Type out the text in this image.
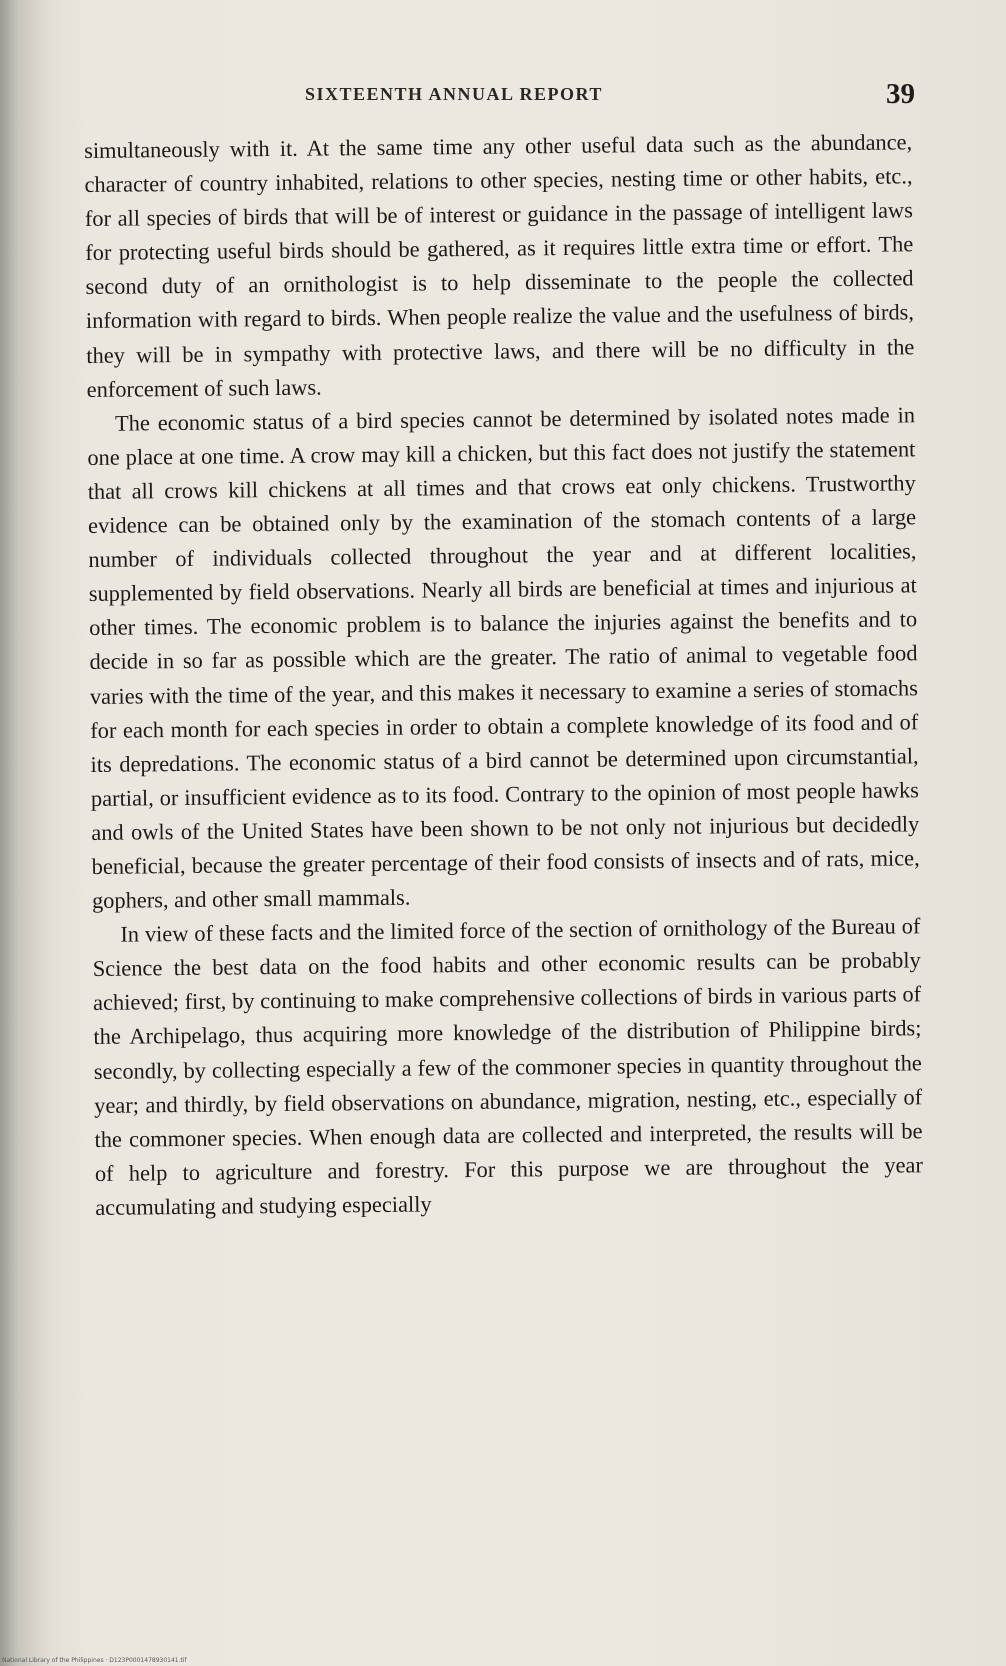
SIXTEENTH ANNUAL REPORT	39

simultaneously with it. At the same time any other useful data such as the abundance, character of country inhabited, relations to other species, nesting time or other habits, etc., for all species of birds that will be of interest or guidance in the passage of intelligent laws for protecting useful birds should be gathered, as it requires little extra time or effort. The second duty of an ornithologist is to help disseminate to the people the collected information with regard to birds. When people realize the value and the usefulness of birds, they will be in sympathy with protective laws, and there will be no difficulty in the enforcement of such laws.

The economic status of a bird species cannot be determined by isolated notes made in one place at one time. A crow may kill a chicken, but this fact does not justify the statement that all crows kill chickens at all times and that crows eat only chickens. Trustworthy evidence can be obtained only by the examination of the stomach contents of a large number of individuals collected throughout the year and at different localities, supplemented by field observations. Nearly all birds are beneficial at times and injurious at other times. The economic problem is to balance the injuries against the benefits and to decide in so far as possible which are the greater. The ratio of animal to vegetable food varies with the time of the year, and this makes it necessary to examine a series of stomachs for each month for each species in order to obtain a complete knowledge of its food and of its depredations. The economic status of a bird cannot be determined upon circumstantial, partial, or insufficient evidence as to its food. Contrary to the opinion of most people hawks and owls of the United States have been shown to be not only not injurious but decidedly beneficial, because the greater percentage of their food consists of insects and of rats, mice, gophers, and other small mammals.

In view of these facts and the limited force of the section of ornithology of the Bureau of Science the best data on the food habits and other economic results can be probably achieved; first, by continuing to make comprehensive collections of birds in various parts of the Archipelago, thus acquiring more knowledge of the distribution of Philippine birds; secondly, by collecting especially a few of the commoner species in quantity throughout the year; and thirdly, by field observations on abundance, migration, nesting, etc., especially of the commoner species. When enough data are collected and interpreted, the results will be of help to agriculture and forestry. For this purpose we are throughout the year accumulating and studying especially

National Library of the Philippines · D123P0001478930141.tif
